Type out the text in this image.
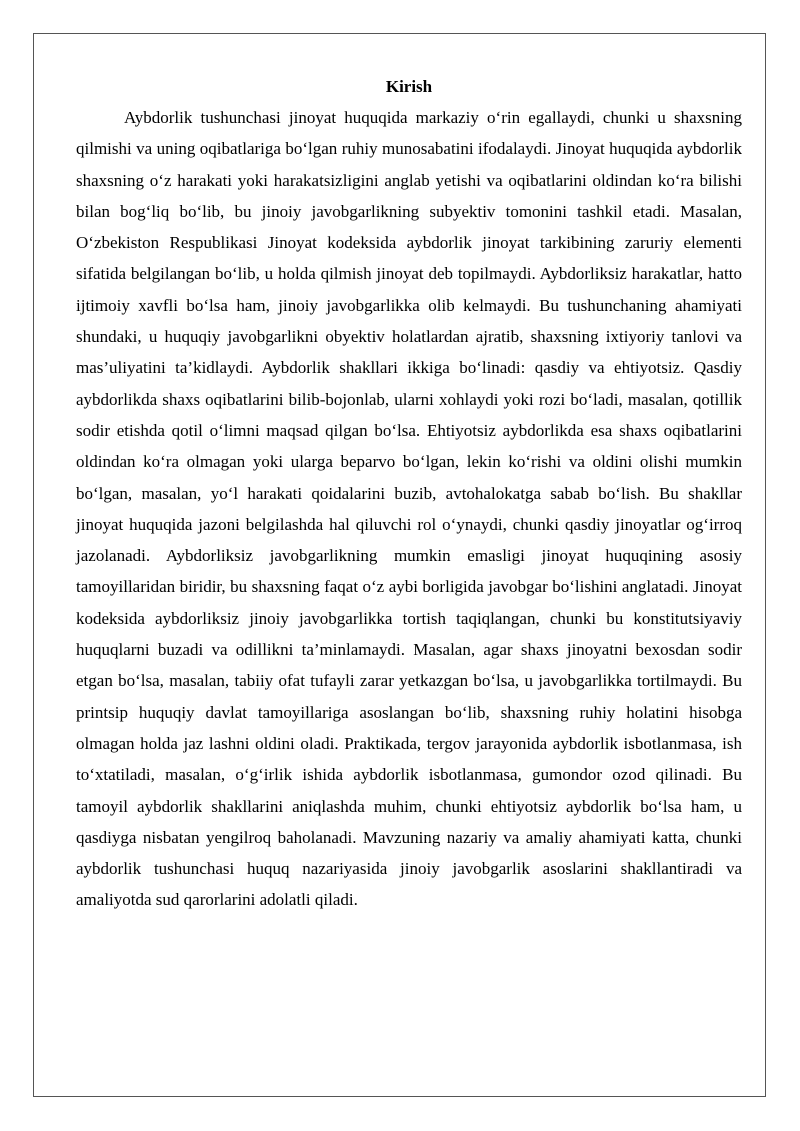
Kirish

Aybdorlik tushunchasi jinoyat huquqida markaziy o‘rin egallaydi, chunki u shaxsning qilmishi va uning oqibatlariga bo‘lgan ruhiy munosabatini ifodalaydi. Jinoyat huquqida aybdorlik shaxsning o‘z harakati yoki harakatsizligini anglab yetishi va oqibatlarini oldindan ko‘ra bilishi bilan bog‘liq bo‘lib, bu jinoiy javobgarlikning subyektiv tomonini tashkil etadi. Masalan, O‘zbekiston Respublikasi Jinoyat kodeksida aybdorlik jinoyat tarkibining zaruriy elementi sifatida belgilangan bo‘lib, u holda qilmish jinoyat deb topilmaydi. Aybdorliksiz harakatlar, hatto ijtimoiy xavfli bo‘lsa ham, jinoiy javobgarlikka olib kelmaydi. Bu tushunchaning ahamiyati shundaki, u huquqiy javobgarlikni obyektiv holatlardan ajratib, shaxsning ixtiyoriy tanlovi va mas’uliyatini ta’kidlaydi. Aybdorlik shakllari ikkiga bo‘linadi: qasdiy va ehtiyotsiz. Qasdiy aybdorlikda shaxs oqibatlarini bilib-bojonlab, ularni xohlaydi yoki rozi bo‘ladi, masalan, qotillik sodir etishda qotil o‘limni maqsad qilgan bo‘lsa. Ehtiyotsiz aybdorlikda esa shaxs oqibatlarini oldindan ko‘ra olmagan yoki ularga beparvo bo‘lgan, lekin ko‘rishi va oldini olishi mumkin bo‘lgan, masalan, yo‘l harakati qoidalarini buzib, avtohalokatga sabab bo‘lish. Bu shakllar jinoyat huquqida jazoni belgilashda hal qiluvchi rol o‘ynaydi, chunki qasdiy jinoyatlar og‘irroq jazolanadi. Aybdorliksiz javobgarlikning mumkin emasligi jinoyat huquqining asosiy tamoyillaridan biridir, bu shaxsning faqat o‘z aybi borligida javobgar bo‘lishini anglatadi. Jinoyat kodeksida aybdorliksiz jinoiy javobgarlikka tortish taqiqlangan, chunki bu konstitutsiyaviy huquqlarni buzadi va odillikni ta’minlamaydi. Masalan, agar shaxs jinoyatni bexosdan sodir etgan bo‘lsa, masalan, tabiiy ofat tufayli zarar yetkazgan bo‘lsa, u javobgarlikka tortilmaydi. Bu printsip huquqiy davlat tamoyillariga asoslangan bo‘lib, shaxsning ruhiy holatini hisobga olmagan holda jaz lashni oldini oladi. Praktikada, tergov jarayonida aybdorlik isbotlanmasa, ish to‘xtatiladi, masalan, o‘g‘irlik ishida aybdorlik isbotlanmasa, gumondor ozod qilinadi. Bu tamoyil aybdorlik shakllarini aniqlashda muhim, chunki ehtiyotsiz aybdorlik bo‘lsa ham, u qasdiyga nisbatan yengilroq baholanadi. Mavzuning nazariy va amaliy ahamiyati katta, chunki aybdorlik tushunchasi huquq nazariyasida jinoiy javobgarlik asoslarini shakllantiradi va amaliyotda sud qarorlarini adolatli qiladi.
